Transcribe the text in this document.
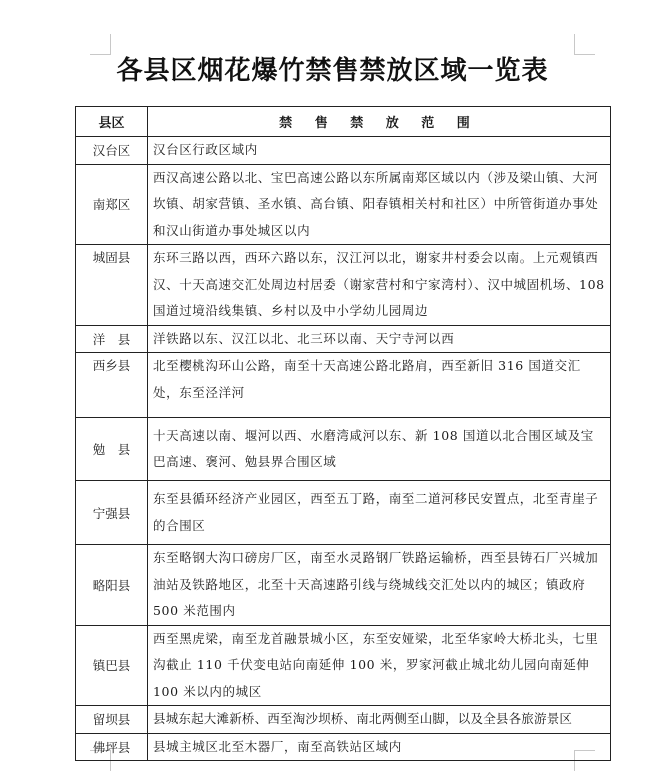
各县区烟花爆竹禁售禁放区域一览表
县区	禁 售 禁 放 范 围
汉台区	汉台区行政区域内
南郑区	西汉高速公路以北、宝巴高速公路以东所属南郑区域以内（涉及梁山镇、大河坎镇、胡家营镇、圣水镇、高台镇、阳春镇相关村和社区）中所管街道办事处和汉山街道办事处城区以内
城固县	东环三路以西，西环六路以东，汉江河以北，谢家井村委会以南。上元观镇西汉、十天高速交汇处周边村居委（谢家营村和宁家湾村）、汉中城固机场、108 国道过境沿线集镇、乡村以及中小学幼儿园周边
洋　县	洋铁路以东、汉江以北、北三环以南、天宁寺河以西
西乡县	北至樱桃沟环山公路，南至十天高速公路北路肩，西至新旧 316 国道交汇处，东至泾洋河
勉　县	十天高速以南、堰河以西、水磨湾咸河以东、新 108 国道以北合围区域及宝巴高速、褒河、勉县界合围区域
宁强县	东至县循环经济产业园区，西至五丁路，南至二道河移民安置点，北至青崖子的合围区
略阳县	东至略钢大沟口磅房厂区，南至水灵路钢厂铁路运输桥，西至县铸石厂兴城加油站及铁路地区，北至十天高速路引线与绕城线交汇处以内的城区；镇政府 500 米范围内
镇巴县	西至黑虎梁，南至龙首融景城小区，东至安娅梁，北至华家岭大桥北头，七里沟截止 110 千伏变电站向南延伸 100 米，罗家河截止城北幼儿园向南延伸 100 米以内的城区
留坝县	县城东起大滩新桥、西至淘沙坝桥、南北两侧至山脚，以及全县各旅游景区
佛坪县	县城主城区北至木器厂，南至高铁站区域内
